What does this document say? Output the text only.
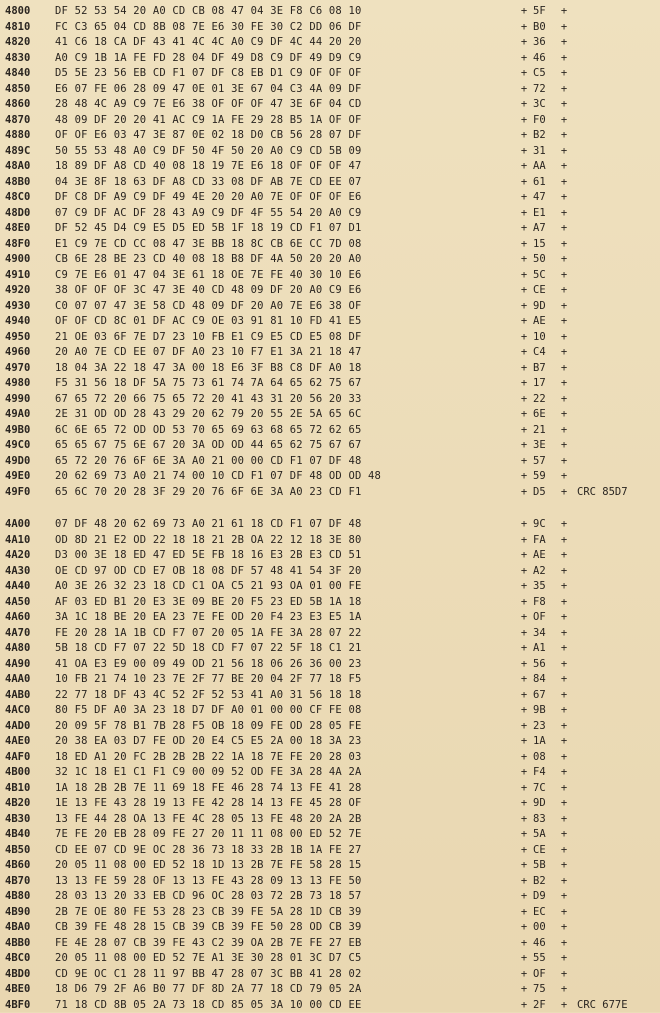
4800	DF 52 53 54 20 A0 CD CB 08 47 04 3E F8 C6 08 10	+ 5F	+
4810	FC C3 65 04 CD 8B 08 7E E6 30 FE 30 C2 DD 06 DF	+ B0	+
4820	41 C6 18 CA DF 43 41 4C 4C A0 C9 DF 4C 44 20 20	+ 36	+
4830	A0 C9 1B 1A FE FD 28 04 DF 49 D8 C9 DF 49 D9 C9	+ 46	+
4840	D5 5E 23 56 EB CD F1 07 DF C8 EB D1 C9 OF OF OF	+ C5	+
4850	E6 07 FE 06 28 09 47 0E 01 3E 67 04 C3 4A 09 DF	+ 72	+
4860	28 48 4C A9 C9 7E E6 38 OF OF OF 47 3E 6F 04 CD	+ 3C	+
4870	48 09 DF 20 20 41 AC C9 1A FE 29 28 B5 1A OF OF	+ F0	+
4880	OF OF E6 03 47 3E 87 0E 02 18 D0 CB 56 28 07 DF	+ B2	+
489C	50 55 53 48 A0 C9 DF 50 4F 50 20 A0 C9 CD 5B 09	+ 31	+
48A0	18 89 DF A8 CD 40 08 18 19 7E E6 18 OF OF OF 47	+ AA	+
48B0	04 3E 8F 18 63 DF A8 CD 33 08 DF AB 7E CD EE 07	+ 61	+
48C0	DF C8 DF A9 C9 DF 49 4E 20 20 A0 7E OF OF OF E6	+ 47	+
48D0	07 C9 DF AC DF 28 43 A9 C9 DF 4F 55 54 20 A0 C9	+ E1	+
48E0	DF 52 45 D4 C9 E5 D5 ED 5B 1F 18 19 CD F1 07 D1	+ A7	+
48F0	E1 C9 7E CD CC 08 47 3E BB 18 8C CB 6E CC 7D 08	+ 15	+
4900	CB 6E 28 BE 23 CD 40 08 18 B8 DF 4A 50 20 20 A0	+ 50	+
4910	C9 7E E6 01 47 04 3E 61 18 OE 7E FE 40 30 10 E6	+ 5C	+
4920	38 OF OF OF 3C 47 3E 40 CD 48 09 DF 20 A0 C9 E6	+ CE	+
4930	C0 07 07 47 3E 58 CD 48 09 DF 20 A0 7E E6 38 OF	+ 9D	+
4940	OF OF CD 8C 01 DF AC C9 OE 03 91 81 10 FD 41 E5	+ AE	+
4950	21 OE 03 6F 7E D7 23 10 FB E1 C9 E5 CD E5 08 DF	+ 10	+
4960	20 A0 7E CD EE 07 DF A0 23 10 F7 E1 3A 21 18 47	+ C4	+
4970	18 04 3A 22 18 47 3A 00 18 E6 3F B8 C8 DF A0 18	+ B7	+
4980	F5 31 56 18 DF 5A 75 73 61 74 7A 64 65 62 75 67	+ 17	+
4990	67 65 72 20 66 75 65 72 20 41 43 31 20 56 20 33	+ 22	+
49A0	2E 31 OD OD 28 43 29 20 62 79 20 55 2E 5A 65 6C	+ 6E	+
49B0	6C 6E 65 72 OD OD 53 70 65 69 63 68 65 72 62 65	+ 21	+
49C0	65 65 67 75 6E 67 20 3A OD OD 44 65 62 75 67 67	+ 3E	+
49D0	65 72 20 76 6F 6E 3A A0 21 00 00 CD F1 07 DF 48	+ 57	+
49E0	20 62 69 73 A0 21 74 00 10 CD F1 07 DF 48 OD OD 48	+ 59	+
49F0	65 6C 70 20 28 3F 29 20 76 6F 6E 3A A0 23 CD F1	+ D5	+ CRC 85D7
4A00	07 DF 48 20 62 69 73 A0 21 61 18 CD F1 07 DF 48	+ 9C	+
4A10	OD 8D 21 E2 OD 22 18 18 21 2B OA 22 12 18 3E 80	+ FA	+
4A20	D3 00 3E 18 ED 47 ED 5E FB 18 16 E3 2B E3 CD 51	+ AE	+
4A30	OE CD 97 OD CD E7 OB 18 08 DF 57 48 41 54 3F 20	+ A2	+
4A40	A0 3E 26 32 23 18 CD C1 OA C5 21 93 OA 01 00 FE	+ 35	+
4A50	AF 03 ED B1 20 E3 3E 09 BE 20 F5 23 ED 5B 1A 18	+ F8	+
4A60	3A 1C 18 BE 20 EA 23 7E FE OD 20 F4 23 E3 E5 1A	+ OF	+
4A70	FE 20 28 1A 1B CD F7 07 20 05 1A FE 3A 28 07 22	+ 34	+
4A80	5B 18 CD F7 07 22 5D 18 CD F7 07 22 5F 18 C1 21	+ A1	+
4A90	41 OA E3 E9 00 09 49 OD 21 56 18 06 26 36 00 23	+ 56	+
4AA0	10 FB 21 74 10 23 7E 2F 77 BE 20 04 2F 77 18 F5	+ 84	+
4AB0	22 77 18 DF 43 4C 52 2F 52 53 41 A0 31 56 18 18	+ 67	+
4AC0	80 F5 DF A0 3A 23 18 D7 DF A0 01 00 00 CF FE 08	+ 9B	+
4AD0	20 09 5F 78 B1 7B 28 F5 OB 18 09 FE OD 28 05 FE	+ 23	+
4AE0	20 38 EA 03 D7 FE OD 20 E4 C5 E5 2A 00 18 3A 23	+ 1A	+
4AF0	18 ED A1 20 FC 2B 2B 2B 22 1A 18 7E FE 20 28 03	+ 08	+
4B00	32 1C 18 E1 C1 F1 C9 00 09 52 OD FE 3A 28 4A 2A	+ F4	+
4B10	1A 18 2B 2B 7E 11 69 18 FE 46 28 74 13 FE 41 28	+ 7C	+
4B20	1E 13 FE 43 28 19 13 FE 42 28 14 13 FE 45 28 OF	+ 9D	+
4B30	13 FE 44 28 OA 13 FE 4C 28 05 13 FE 48 20 2A 2B	+ 83	+
4B40	7E FE 20 EB 28 09 FE 27 20 11 11 08 00 ED 52 7E	+ 5A	+
4B50	CD EE 07 CD 9E OC 28 36 73 18 33 2B 1B 1A FE 27	+ CE	+
4B60	20 05 11 08 00 ED 52 18 1D 13 2B 7E FE 58 28 15	+ 5B	+
4B70	13 13 FE 59 28 OF 13 13 FE 43 28 09 13 13 FE 50	+ B2	+
4B80	28 03 13 20 33 EB CD 96 OC 28 03 72 2B 73 18 57	+ D9	+
4B90	2B 7E OE 80 FE 53 28 23 CB 39 FE 5A 28 1D CB 39	+ EC	+
4BA0	CB 39 FE 48 28 15 CB 39 CB 39 FE 50 28 OD CB 39	+ 00	+
4BB0	FE 4E 28 07 CB 39 FE 43 C2 39 OA 2B 7E FE 27 EB	+ 46	+
4BC0	20 05 11 08 00 ED 52 7E A1 3E 30 28 01 3C D7 C5	+ 55	+
4BD0	CD 9E OC C1 28 11 97 BB 47 28 07 3C BB 41 28 02	+ OF	+
4BE0	18 D6 79 2F A6 B0 77 DF 8D 2A 77 18 CD 79 05 2A	+ 75	+
4BF0	71 18 CD 8B 05 2A 73 18 CD 85 05 3A 10 00 CD EE	+ 2F	+ CRC 677E
